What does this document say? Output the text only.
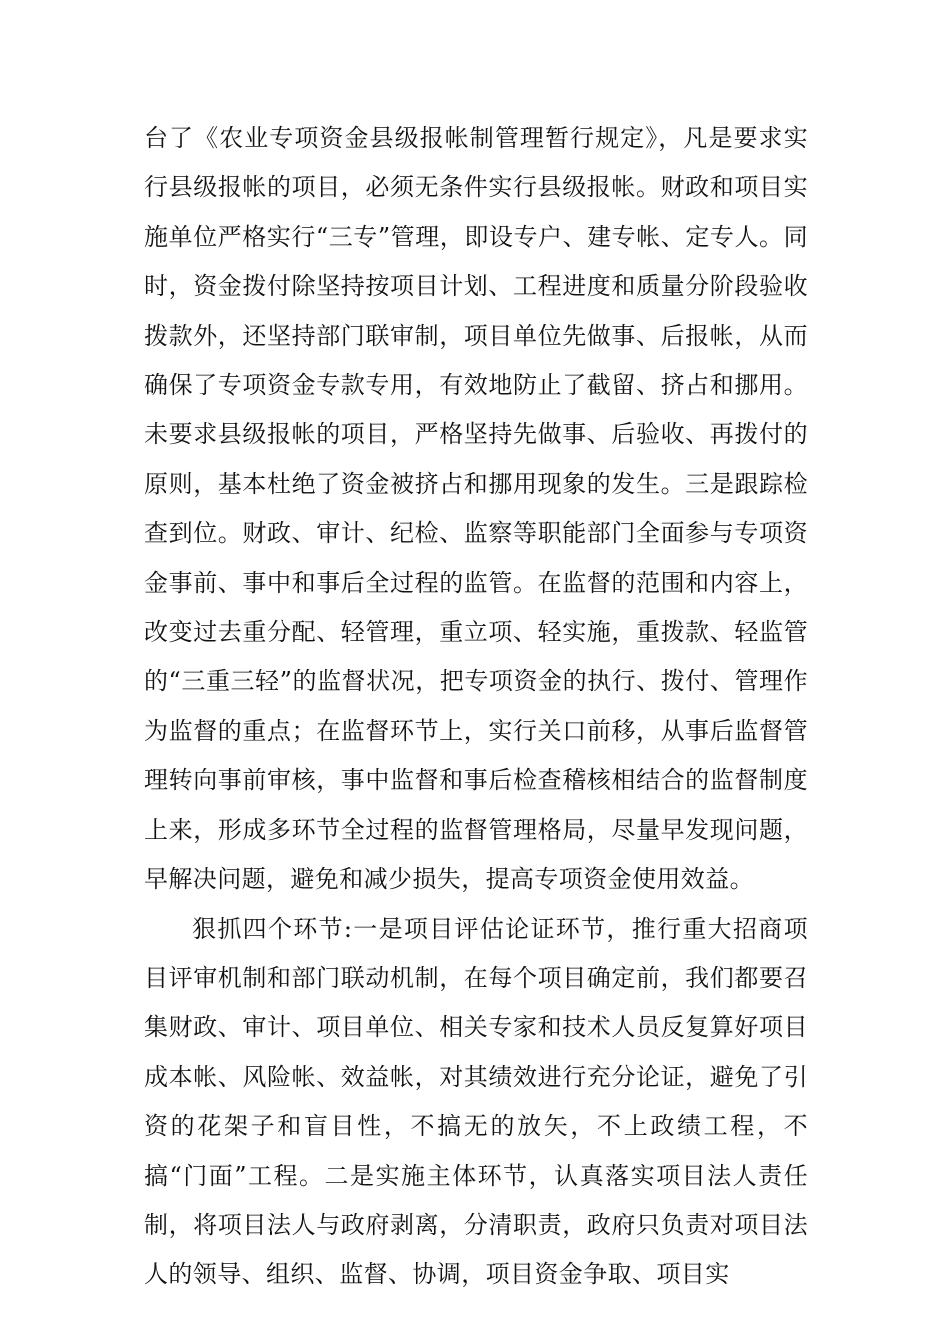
台了《农业专项资金县级报帐制管理暂行规定》，凡是要求实行县级报帐的项目，必须无条件实行县级报帐。财政和项目实施单位严格实行“三专”管理，即设专户、建专帐、定专人。同时，资金拨付除坚持按项目计划、工程进度和质量分阶段验收拨款外，还坚持部门联审制，项目单位先做事、后报帐，从而确保了专项资金专款专用，有效地防止了截留、挤占和挪用。未要求县级报帐的项目，严格坚持先做事、后验收、再拨付的原则，基本杜绝了资金被挤占和挪用现象的发生。三是跟踪检查到位。财政、审计、纪检、监察等职能部门全面参与专项资金事前、事中和事后全过程的监管。在监督的范围和内容上，改变过去重分配、轻管理，重立项、轻实施，重拨款、轻监管的“三重三轻”的监督状况，把专项资金的执行、拨付、管理作为监督的重点；在监督环节上，实行关口前移，从事后监督管理转向事前审核，事中监督和事后检查稽核相结合的监督制度上来，形成多环节全过程的监督管理格局，尽量早发现问题，早解决问题，避免和减少损失，提高专项资金使用效益。

狠抓四个环节:一是项目评估论证环节，推行重大招商项目评审机制和部门联动机制，在每个项目确定前，我们都要召集财政、审计、项目单位、相关专家和技术人员反复算好项目成本帐、风险帐、效益帐，对其绩效进行充分论证，避免了引资的花架子和盲目性，不搞无的放矢，不上政绩工程，不搞“门面”工程。二是实施主体环节，认真落实项目法人责任制，将项目法人与政府剥离，分清职责，政府只负责对项目法人的领导、组织、监督、协调，项目资金争取、项目实
